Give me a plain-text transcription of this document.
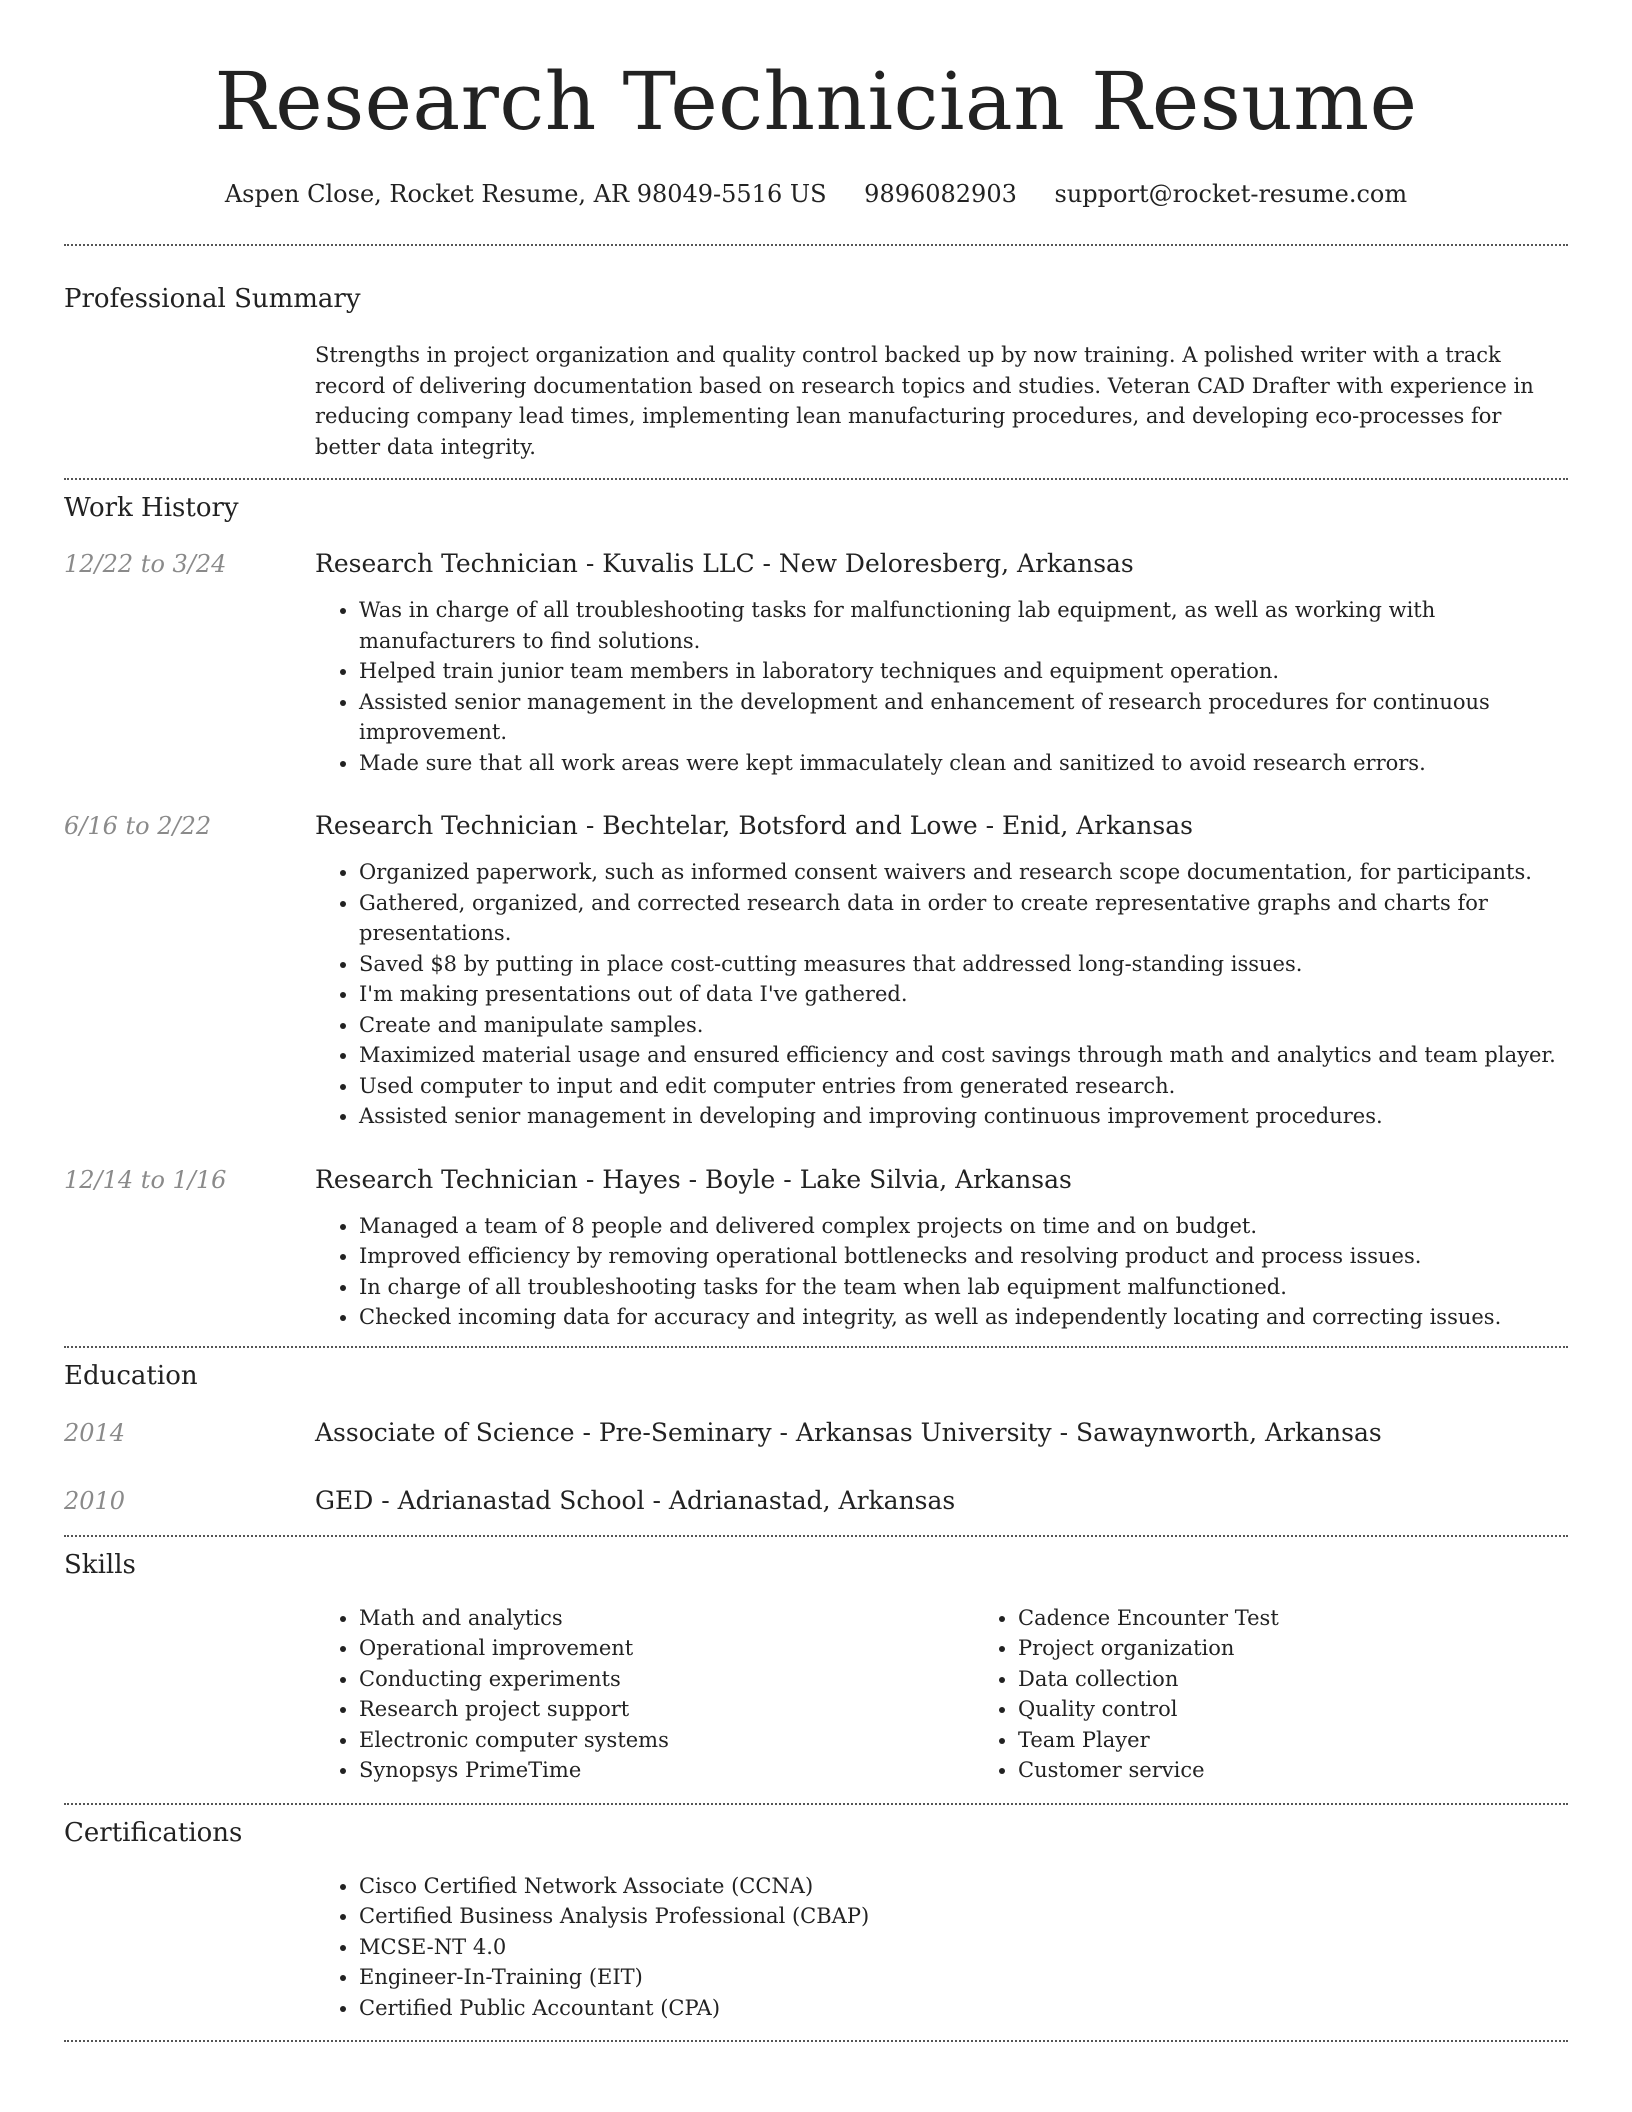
Research Technician Resume
Aspen Close, Rocket Resume, AR 98049-5516 US 9896082903 support@rocket-resume.com
Professional Summary

Strengths in project organization and quality control backed up by now training. A polished writer with a track record of delivering documentation based on research topics and studies. Veteran CAD Drafter with experience in reducing company lead times, implementing lean manufacturing procedures, and developing eco-processes for better data integrity.

Work History
12/22 to 3/24	Research Technician - Kuvalis LLC - New Deloresberg, Arkansas
• Was in charge of all troubleshooting tasks for malfunctioning lab equipment, as well as working with manufacturers to find solutions.
• Helped train junior team members in laboratory techniques and equipment operation.
• Assisted senior management in the development and enhancement of research procedures for continuous improvement.
• Made sure that all work areas were kept immaculately clean and sanitized to avoid research errors.
6/16 to 2/22	Research Technician - Bechtelar, Botsford and Lowe - Enid, Arkansas
• Organized paperwork, such as informed consent waivers and research scope documentation, for participants.
• Gathered, organized, and corrected research data in order to create representative graphs and charts for presentations.
• Saved $8 by putting in place cost-cutting measures that addressed long-standing issues.
• I'm making presentations out of data I've gathered.
• Create and manipulate samples.
• Maximized material usage and ensured efficiency and cost savings through math and analytics and team player.
• Used computer to input and edit computer entries from generated research.
• Assisted senior management in developing and improving continuous improvement procedures.
12/14 to 1/16	Research Technician - Hayes - Boyle - Lake Silvia, Arkansas
• Managed a team of 8 people and delivered complex projects on time and on budget.
• Improved efficiency by removing operational bottlenecks and resolving product and process issues.
• In charge of all troubleshooting tasks for the team when lab equipment malfunctioned.
• Checked incoming data for accuracy and integrity, as well as independently locating and correcting issues.
Education
2014	Associate of Science - Pre-Seminary - Arkansas University - Sawaynworth, Arkansas
2010	GED - Adrianastad School - Adrianastad, Arkansas
Skills
• Math and analytics
• Operational improvement
• Conducting experiments
• Research project support
• Electronic computer systems
• Synopsys PrimeTime
• Cadence Encounter Test
• Project organization
• Data collection
• Quality control
• Team Player
• Customer service
Certifications
• Cisco Certified Network Associate (CCNA)
• Certified Business Analysis Professional (CBAP)
• MCSE-NT 4.0
• Engineer-In-Training (EIT)
• Certified Public Accountant (CPA)
